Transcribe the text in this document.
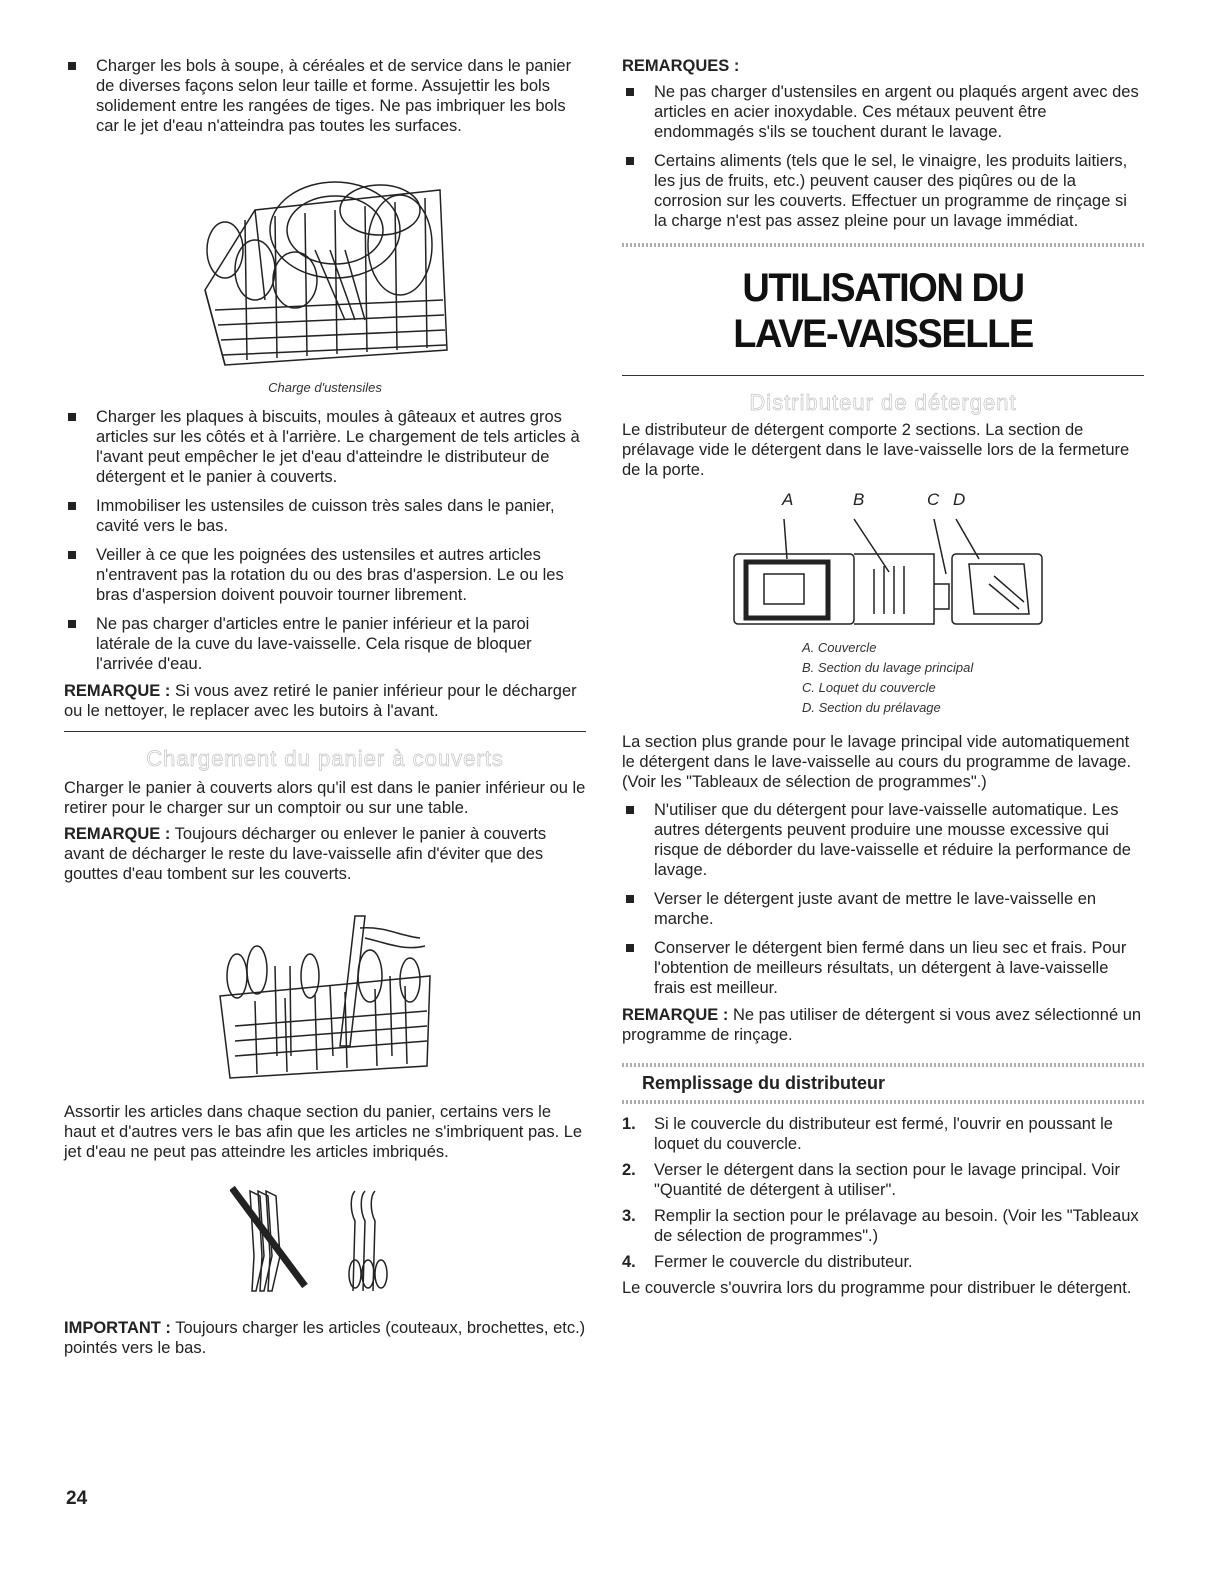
Charger les bols à soupe, à céréales et de service dans le panier de diverses façons selon leur taille et forme. Assujettir les bols solidement entre les rangées de tiges. Ne pas imbriquer les bols car le jet d'eau n'atteindra pas toutes les surfaces.

Charge d'ustensiles

Charger les plaques à biscuits, moules à gâteaux et autres gros articles sur les côtés et à l'arrière. Le chargement de tels articles à l'avant peut empêcher le jet d'eau d'atteindre le distributeur de détergent et le panier à couverts.
Immobiliser les ustensiles de cuisson très sales dans le panier, cavité vers le bas.
Veiller à ce que les poignées des ustensiles et autres articles n'entravent pas la rotation du ou des bras d'aspersion. Le ou les bras d'aspersion doivent pouvoir tourner librement.
Ne pas charger d'articles entre le panier inférieur et la paroi latérale de la cuve du lave-vaisselle. Cela risque de bloquer l'arrivée d'eau.

REMARQUE : Si vous avez retiré le panier inférieur pour le décharger ou le nettoyer, le replacer avec les butoirs à l'avant.

Chargement du panier à couverts

Charger le panier à couverts alors qu'il est dans le panier inférieur ou le retirer pour le charger sur un comptoir ou sur une table.

REMARQUE : Toujours décharger ou enlever le panier à couverts avant de décharger le reste du lave-vaisselle afin d'éviter que des gouttes d'eau tombent sur les couverts.

Assortir les articles dans chaque section du panier, certains vers le haut et d'autres vers le bas afin que les articles ne s'imbriquent pas. Le jet d'eau ne peut pas atteindre les articles imbriqués.

IMPORTANT : Toujours charger les articles (couteaux, brochettes, etc.) pointés vers le bas.

REMARQUES :

Ne pas charger d'ustensiles en argent ou plaqués argent avec des articles en acier inoxydable. Ces métaux peuvent être endommagés s'ils se touchent durant le lavage.
Certains aliments (tels que le sel, le vinaigre, les produits laitiers, les jus de fruits, etc.) peuvent causer des piqûres ou de la corrosion sur les couverts. Effectuer un programme de rinçage si la charge n'est pas assez pleine pour un lavage immédiat.
UTILISATION DU
LAVE-VAISSELLE
Distributeur de détergent

Le distributeur de détergent comporte 2 sections. La section de prélavage vide le détergent dans le lave-vaisselle lors de la fermeture de la porte.

A	B	C D

A. Couvercle

B. Section du lavage principal

C. Loquet du couvercle

D. Section du prélavage

La section plus grande pour le lavage principal vide automatiquement le détergent dans le lave-vaisselle au cours du programme de lavage. (Voir les "Tableaux de sélection de programmes".)

N'utiliser que du détergent pour lave-vaisselle automatique. Les autres détergents peuvent produire une mousse excessive qui risque de déborder du lave-vaisselle et réduire la performance de lavage.
Verser le détergent juste avant de mettre le lave-vaisselle en marche.
Conserver le détergent bien fermé dans un lieu sec et frais. Pour l'obtention de meilleurs résultats, un détergent à lave-vaisselle frais est meilleur.

REMARQUE : Ne pas utiliser de détergent si vous avez sélectionné un programme de rinçage.

Remplissage du distributeur

1. Si le couvercle du distributeur est fermé, l'ouvrir en poussant le loquet du couvercle.
2. Verser le détergent dans la section pour le lavage principal. Voir "Quantité de détergent à utiliser".
3. Remplir la section pour le prélavage au besoin. (Voir les "Tableaux de sélection de programmes".)
4. Fermer le couvercle du distributeur.

Le couvercle s'ouvrira lors du programme pour distribuer le détergent.

24
